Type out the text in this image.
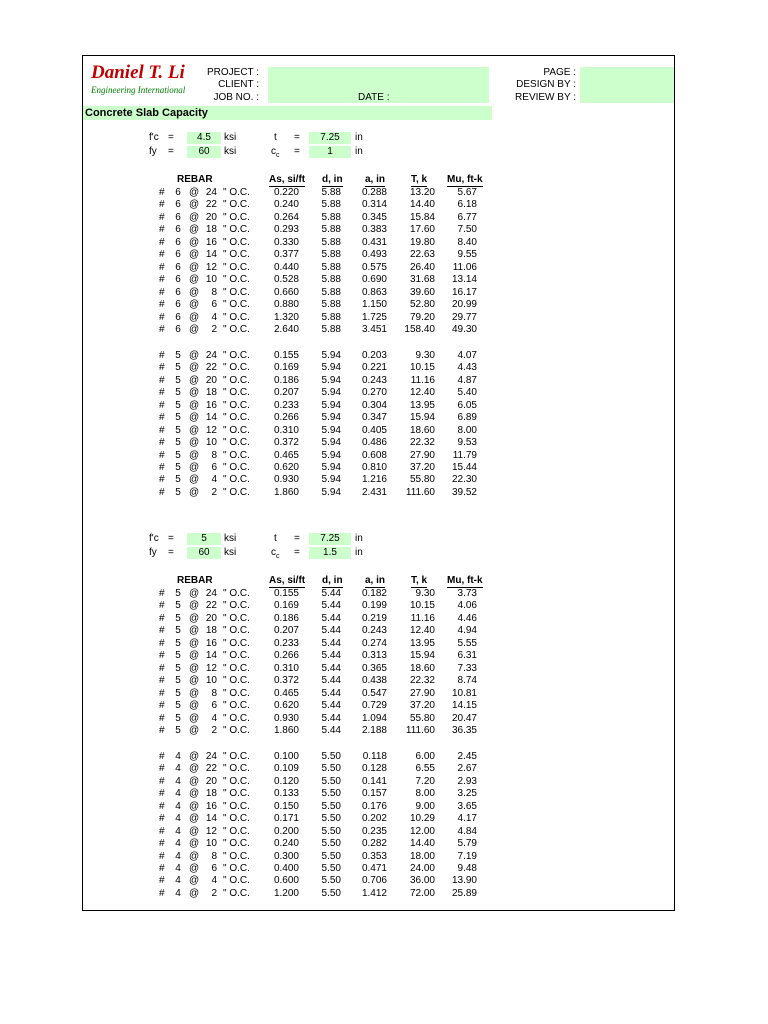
Daniel T. Li
Engineering International
PROJECT :
CLIENT :
JOB NO. :	DATE :
PAGE :
DESIGN BY :
REVIEW BY :
Concrete Slab Capacity
f'c =	4.5	ksi	t =	7.25	in
fy =	60	ksi	$c_c$ =	1	in
REBAR	As, si/ft d, in a, in	T, k Mu, ft-k
#	6 @ 24 " O.C.	0.220	5.88	0.288	13.20	5.67
#	6 @ 22 " O.C.	0.240	5.88	0.314	14.40	6.18
#	6 @ 20 " O.C.	0.264	5.88	0.345	15.84	6.77
#	6 @ 18 " O.C.	0.293	5.88	0.383	17.60	7.50
#	6 @ 16 " O.C.	0.330	5.88	0.431	19.80	8.40
#	6 @ 14 " O.C.	0.377	5.88	0.493	22.63	9.55
#	6 @ 12 " O.C.	0.440	5.88	0.575	26.40	11.06
#	6 @ 10 " O.C.	0.528	5.88	0.690	31.68	13.14
#	6 @	8 " O.C.	0.660	5.88	0.863	39.60	16.17
#	6 @	6 " O.C.	0.880	5.88	1.150	52.80	20.99
#	6 @	4 " O.C.	1.320	5.88	1.725	79.20	29.77
#	6 @	2 " O.C.	2.640	5.88	3.451	158.40	49.30
#	5 @ 24 " O.C.	0.155	5.94	0.203	9.30	4.07
#	5 @ 22 " O.C.	0.169	5.94	0.221	10.15	4.43
#	5 @ 20 " O.C.	0.186	5.94	0.243	11.16	4.87
#	5 @ 18 " O.C.	0.207	5.94	0.270	12.40	5.40
#	5 @ 16 " O.C.	0.233	5.94	0.304	13.95	6.05
#	5 @ 14 " O.C.	0.266	5.94	0.347	15.94	6.89
#	5 @ 12 " O.C.	0.310	5.94	0.405	18.60	8.00
#	5 @ 10 " O.C.	0.372	5.94	0.486	22.32	9.53
#	5 @	8 " O.C.	0.465	5.94	0.608	27.90	11.79
#	5 @	6 " O.C.	0.620	5.94	0.810	37.20	15.44
#	5 @	4 " O.C.	0.930	5.94	1.216	55.80	22.30
#	5 @	2 " O.C.	1.860	5.94	2.431	111.60	39.52
f'c =	5	ksi	t =	7.25	in
fy =	60	ksi	$c_c$ =	1.5	in
REBAR	As, si/ft d, in a, in	T, k Mu, ft-k
#	5 @ 24 " O.C.	0.155	5.44	0.182	9.30	3.73
#	5 @ 22 " O.C.	0.169	5.44	0.199	10.15	4.06
#	5 @ 20 " O.C.	0.186	5.44	0.219	11.16	4.46
#	5 @ 18 " O.C.	0.207	5.44	0.243	12.40	4.94
#	5 @ 16 " O.C.	0.233	5.44	0.274	13.95	5.55
#	5 @ 14 " O.C.	0.266	5.44	0.313	15.94	6.31
#	5 @ 12 " O.C.	0.310	5.44	0.365	18.60	7.33
#	5 @ 10 " O.C.	0.372	5.44	0.438	22.32	8.74
#	5 @	8 " O.C.	0.465	5.44	0.547	27.90	10.81
#	5 @	6 " O.C.	0.620	5.44	0.729	37.20	14.15
#	5 @	4 " O.C.	0.930	5.44	1.094	55.80	20.47
#	5 @	2 " O.C.	1.860	5.44	2.188	111.60	36.35
#	4 @ 24 " O.C.	0.100	5.50	0.118	6.00	2.45
#	4 @ 22 " O.C.	0.109	5.50	0.128	6.55	2.67
#	4 @ 20 " O.C.	0.120	5.50	0.141	7.20	2.93
#	4 @ 18 " O.C.	0.133	5.50	0.157	8.00	3.25
#	4 @ 16 " O.C.	0.150	5.50	0.176	9.00	3.65
#	4 @ 14 " O.C.	0.171	5.50	0.202	10.29	4.17
#	4 @ 12 " O.C.	0.200	5.50	0.235	12.00	4.84
#	4 @ 10 " O.C.	0.240	5.50	0.282	14.40	5.79
#	4 @	8 " O.C.	0.300	5.50	0.353	18.00	7.19
#	4 @	6 " O.C.	0.400	5.50	0.471	24.00	9.48
#	4 @	4 " O.C.	0.600	5.50	0.706	36.00	13.90
#	4 @	2 " O.C.	1.200	5.50	1.412	72.00	25.89
